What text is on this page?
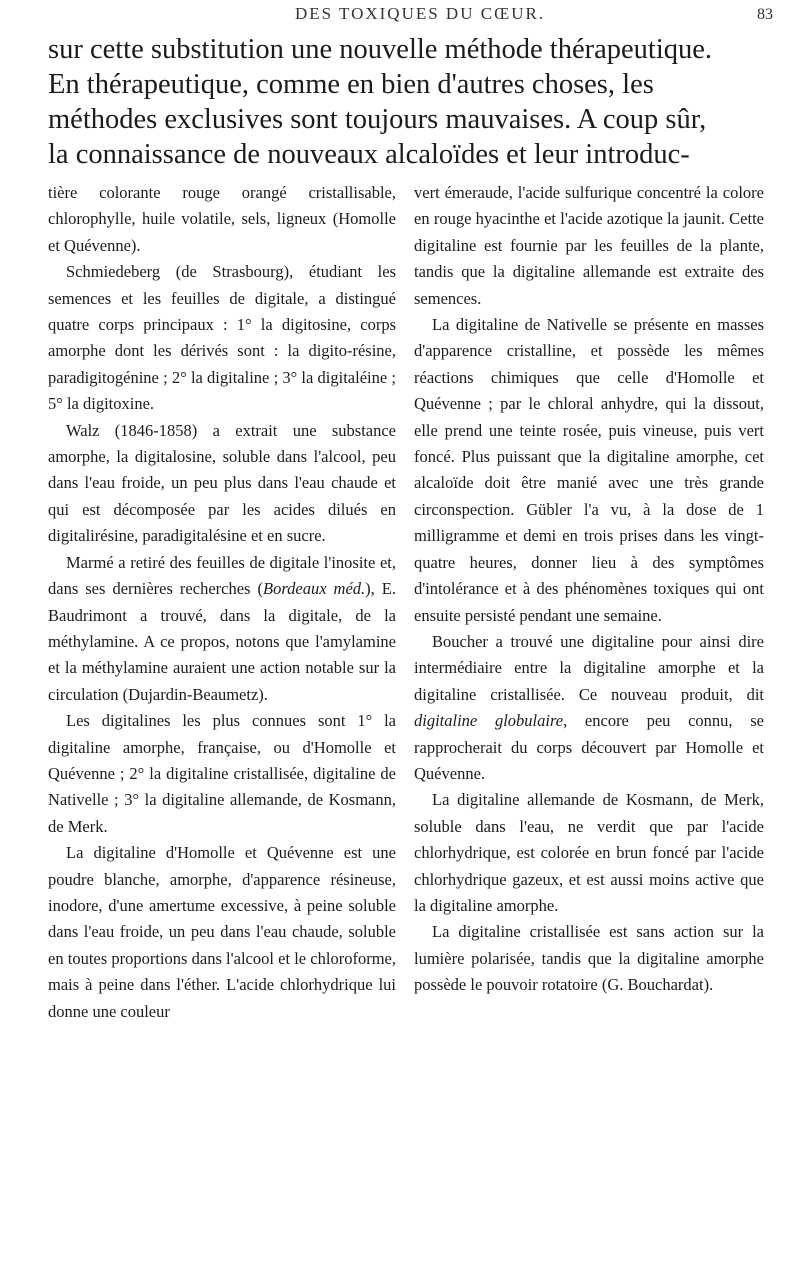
DES TOXIQUES DU CŒUR.	83
sur cette substitution une nouvelle méthode thérapeutique.
En thérapeutique, comme en bien d'autres choses, les
méthodes exclusives sont toujours mauvaises. A coup sûr,
la connaissance de nouveaux alcaloïdes et leur introduc-

tière colorante rouge orangé cristallisable, chlorophylle, huile volatile, sels, ligneux (Homolle et Quévenne).

Schmiedeberg (de Strasbourg), étudiant les semences et les feuilles de digitale, a distingué quatre corps principaux : 1° la digitosine, corps amorphe dont les dérivés sont : la digito-résine, paradigitogénine ; 2° la digitaline ; 3° la digitaléine ; 5° la digitoxine.

Walz (1846-1858) a extrait une substance amorphe, la digitalosine, soluble dans l'alcool, peu dans l'eau froide, un peu plus dans l'eau chaude et qui est décomposée par les acides dilués en digitalirésine, paradigitalésine et en sucre.

Marmé a retiré des feuilles de digitale l'inosite et, dans ses dernières recherches (Bordeaux méd.), E. Baudrimont a trouvé, dans la digitale, de la méthylamine. A ce propos, notons que l'amylamine et la méthylamine auraient une action notable sur la circulation (Dujardin-Beaumetz).

Les digitalines les plus connues sont 1° la digitaline amorphe, française, ou d'Homolle et Quévenne ; 2° la digitaline cristallisée, digitaline de Nativelle ; 3° la digitaline allemande, de Kosmann, de Merk.

La digitaline d'Homolle et Quévenne est une poudre blanche, amorphe, d'apparence résineuse, inodore, d'une amertume excessive, à peine soluble dans l'eau froide, un peu dans l'eau chaude, soluble en toutes proportions dans l'alcool et le chloroforme, mais à peine dans l'éther. L'acide chlorhydrique lui donne une couleur

vert émeraude, l'acide sulfurique concentré la colore en rouge hyacinthe et l'acide azotique la jaunit. Cette digitaline est fournie par les feuilles de la plante, tandis que la digitaline allemande est extraite des semences.

La digitaline de Nativelle se présente en masses d'apparence cristalline, et possède les mêmes réactions chimiques que celle d'Homolle et Quévenne ; par le chloral anhydre, qui la dissout, elle prend une teinte rosée, puis vineuse, puis vert foncé. Plus puissant que la digitaline amorphe, cet alcaloïde doit être manié avec une très grande circonspection. Gübler l'a vu, à la dose de 1 milligramme et demi en trois prises dans les vingt-quatre heures, donner lieu à des symptômes d'intolérance et à des phénomènes toxiques qui ont ensuite persisté pendant une semaine.

Boucher a trouvé une digitaline pour ainsi dire intermédiaire entre la digitaline amorphe et la digitaline cristallisée. Ce nouveau produit, dit digitaline globulaire, encore peu connu, se rapprocherait du corps découvert par Homolle et Quévenne.

La digitaline allemande de Kosmann, de Merk, soluble dans l'eau, ne verdit que par l'acide chlorhydrique, est colorée en brun foncé par l'acide chlorhydrique gazeux, et est aussi moins active que la digitaline amorphe.

La digitaline cristallisée est sans action sur la lumière polarisée, tandis que la digitaline amorphe possède le pouvoir rotatoire (G. Bouchardat).
